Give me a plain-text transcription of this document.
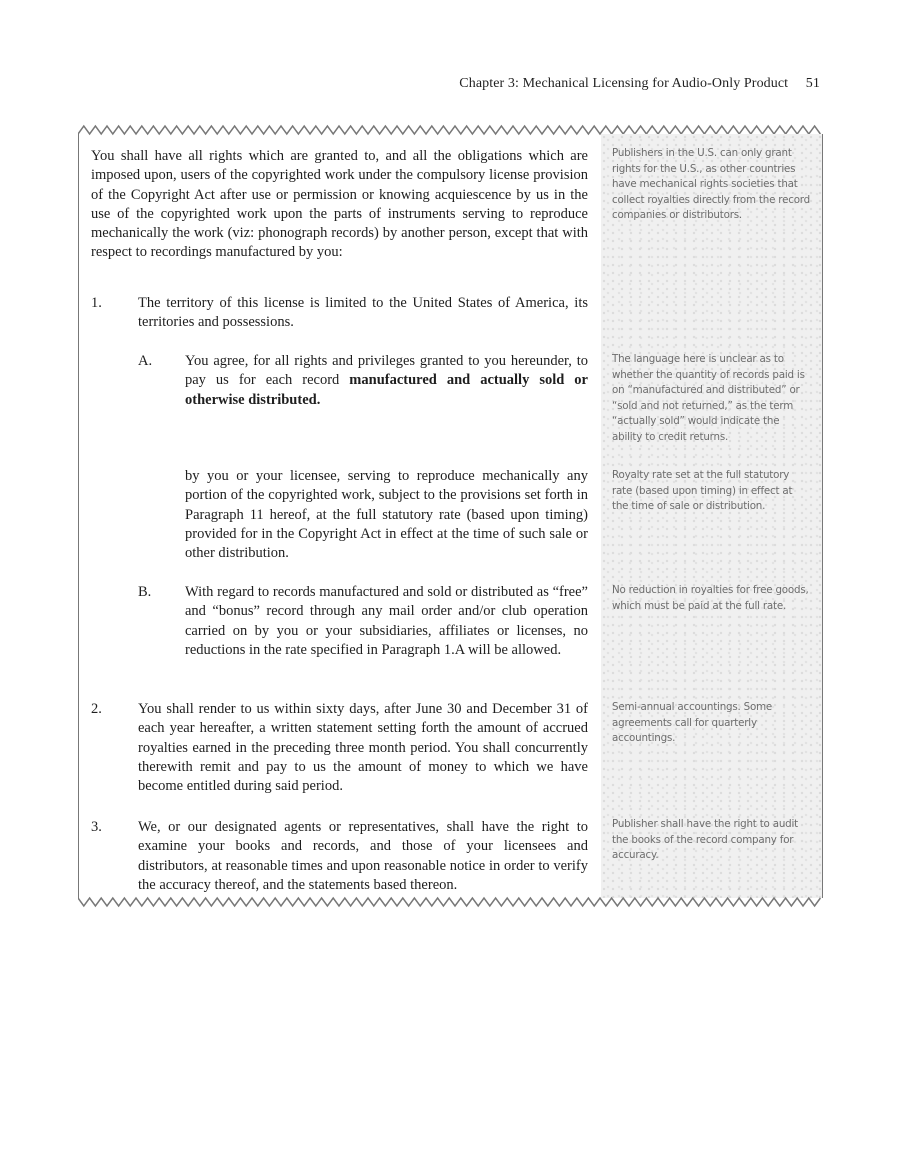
Chapter 3: Mechanical Licensing for Audio-Only Product 51

You shall have all rights which are granted to, and all the obligations which are imposed upon, users of the copyrighted work under the compulsory license provision of the Copyright Act after use or permission or knowing acquiescence by us in the use of the copyrighted work upon the parts of instruments serving to reproduce mechanically the work (viz: phonograph records) by another person, except that with respect to recordings manufactured by you:

1. The territory of this license is limited to the United States of America, its territories and possessions.
A. You agree, for all rights and privileges granted to you hereunder, to pay us for each record manufactured and actually sold or otherwise distributed.
by you or your licensee, serving to reproduce mechanically any portion of the copyrighted work, subject to the provisions set forth in Paragraph 11 hereof, at the full statutory rate (based upon timing) provided for in the Copyright Act in effect at the time of such sale or other distribution.
B. With regard to records manufactured and sold or distributed as “free” and “bonus” record through any mail order and/or club operation carried on by you or your subsidiaries, affiliates or licenses, no reductions in the rate specified in Paragraph 1.A will be allowed.
2. You shall render to us within sixty days, after June 30 and December 31 of each year hereafter, a written statement setting forth the amount of accrued royalties earned in the preceding three month period. You shall concurrently therewith remit and pay to us the amount of money to which we have become entitled during said period.
3. We, or our designated agents or representatives, shall have the right to examine your books and records, and those of your licensees and distributors, at reasonable times and upon reasonable notice in order to verify the accuracy thereof, and the statements based thereon.
Publishers in the U.S. can only grant rights for the U.S., as other countries have mechanical rights societies that collect royalties directly from the record companies or distributors.
The language here is unclear as to whether the quantity of records paid is on “manufactured and distributed” or “sold and not returned,” as the term “actually sold” would indicate the ability to credit returns.
Royalty rate set at the full statutory rate (based upon timing) in effect at the time of sale or distribution.
No reduction in royalties for free goods, which must be paid at the full rate.
Semi-annual accountings. Some agreements call for quarterly accountings.
Publisher shall have the right to audit the books of the record company for accuracy.
